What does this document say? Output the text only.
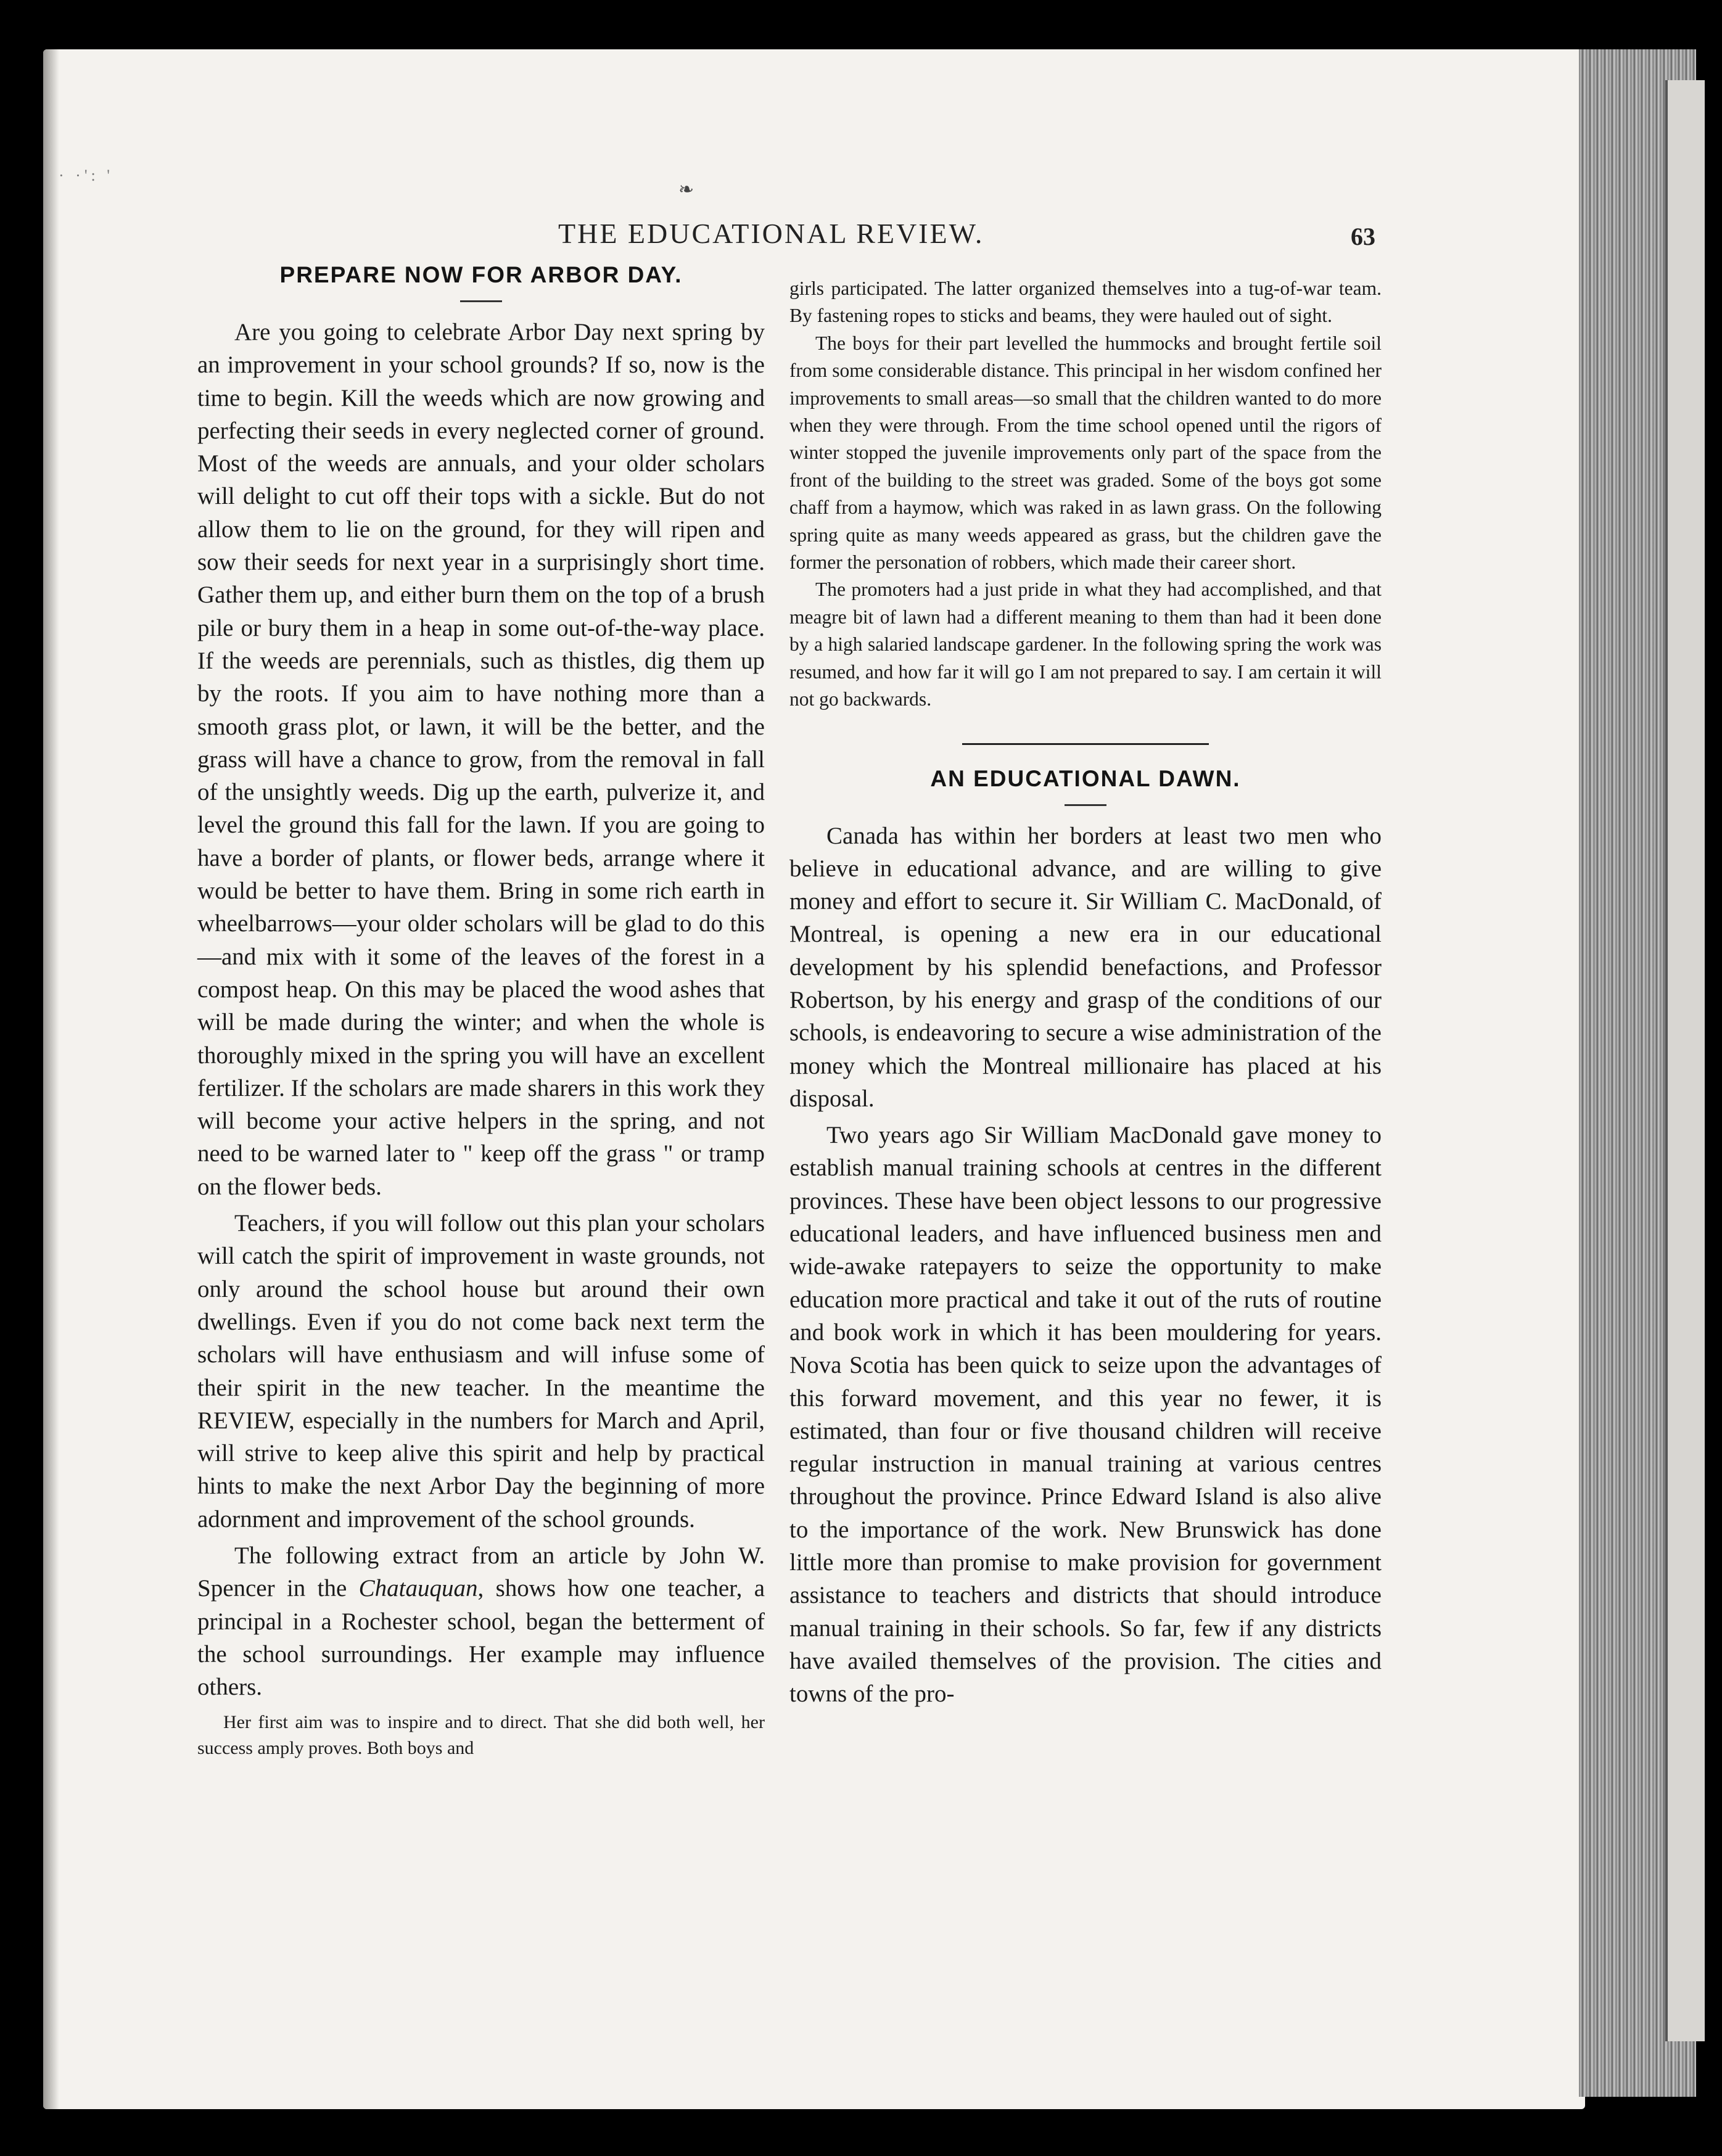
· ·': '
❧
THE EDUCATIONAL REVIEW.	63
PREPARE NOW FOR ARBOR DAY.

Are you going to celebrate Arbor Day next spring by an improvement in your school grounds? If so, now is the time to begin. Kill the weeds which are now growing and perfecting their seeds in every neglected corner of ground. Most of the weeds are annuals, and your older scholars will delight to cut off their tops with a sickle. But do not allow them to lie on the ground, for they will ripen and sow their seeds for next year in a surprisingly short time. Gather them up, and either burn them on the top of a brush pile or bury them in a heap in some out-of-the-way place. If the weeds are perennials, such as thistles, dig them up by the roots. If you aim to have nothing more than a smooth grass plot, or lawn, it will be the better, and the grass will have a chance to grow, from the removal in fall of the unsightly weeds. Dig up the earth, pulverize it, and level the ground this fall for the lawn. If you are going to have a border of plants, or flower beds, arrange where it would be better to have them. Bring in some rich earth in wheelbarrows—your older scholars will be glad to do this —and mix with it some of the leaves of the forest in a compost heap. On this may be placed the wood ashes that will be made during the winter; and when the whole is thoroughly mixed in the spring you will have an excellent fertilizer. If the scholars are made sharers in this work they will become your active helpers in the spring, and not need to be warned later to " keep off the grass " or tramp on the flower beds.

Teachers, if you will follow out this plan your scholars will catch the spirit of improvement in waste grounds, not only around the school house but around their own dwellings. Even if you do not come back next term the scholars will have enthusiasm and will infuse some of their spirit in the new teacher. In the meantime the REVIEW, especially in the numbers for March and April, will strive to keep alive this spirit and help by practical hints to make the next Arbor Day the beginning of more adornment and improvement of the school grounds.

The following extract from an article by John W. Spencer in the Chatauquan, shows how one teacher, a principal in a Rochester school, began the betterment of the school surroundings. Her example may influence others.

Her first aim was to inspire and to direct. That she did both well, her success amply proves. Both boys and

girls participated. The latter organized themselves into a tug-of-war team. By fastening ropes to sticks and beams, they were hauled out of sight.

The boys for their part levelled the hummocks and brought fertile soil from some considerable distance. This principal in her wisdom confined her improvements to small areas—so small that the children wanted to do more when they were through. From the time school opened until the rigors of winter stopped the juvenile improvements only part of the space from the front of the building to the street was graded. Some of the boys got some chaff from a haymow, which was raked in as lawn grass. On the following spring quite as many weeds appeared as grass, but the children gave the former the personation of robbers, which made their career short.

The promoters had a just pride in what they had accomplished, and that meagre bit of lawn had a different meaning to them than had it been done by a high salaried landscape gardener. In the following spring the work was resumed, and how far it will go I am not prepared to say. I am certain it will not go backwards.

AN EDUCATIONAL DAWN.

Canada has within her borders at least two men who believe in educational advance, and are willing to give money and effort to secure it. Sir William C. MacDonald, of Montreal, is opening a new era in our educational development by his splendid benefactions, and Professor Robertson, by his energy and grasp of the conditions of our schools, is endeavoring to secure a wise administration of the money which the Montreal millionaire has placed at his disposal.

Two years ago Sir William MacDonald gave money to establish manual training schools at centres in the different provinces. These have been object lessons to our progressive educational leaders, and have influenced business men and wide-awake ratepayers to seize the opportunity to make education more practical and take it out of the ruts of routine and book work in which it has been mouldering for years. Nova Scotia has been quick to seize upon the advantages of this forward movement, and this year no fewer, it is estimated, than four or five thousand children will receive regular instruction in manual training at various centres throughout the province. Prince Edward Island is also alive to the importance of the work. New Brunswick has done little more than promise to make provision for government assistance to teachers and districts that should introduce manual training in their schools. So far, few if any districts have availed themselves of the provision. The cities and towns of the pro-
